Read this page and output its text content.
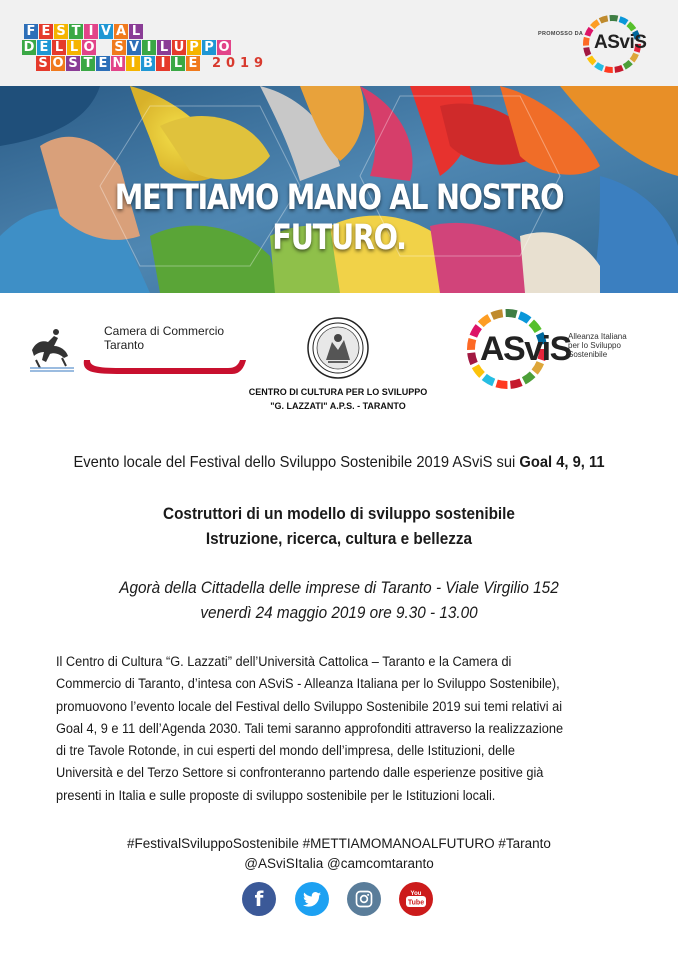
F E S T I V A L
D E L L O S V I L U P P O
S O S T E N I B I L E 2 0 1 9
PROMOSSO DA ASviS
METTIAMO MANO AL NOSTRO FUTURO.
Camera di Commercio
Taranto
CENTRO DI CULTURA PER LO SVILUPPO
"G. LAZZATI" A.P.S. - TARANTO
ASviS
Alleanza Italiana
per lo Sviluppo
Sostenibile
Evento locale del Festival dello Sviluppo Sostenibile 2019 ASviS sui Goal 4, 9, 11
Costruttori di un modello di sviluppo sostenibile
Istruzione, ricerca, cultura e bellezza
Agorà della Cittadella delle imprese di Taranto - Viale Virgilio 152
venerdì 24 maggio 2019 ore 9.30 - 13.00

Il Centro di Cultura “G. Lazzati” dell’Università Cattolica – Taranto e la Camera di

Commercio di Taranto, d’intesa con ASviS - Alleanza Italiana per lo Sviluppo Sostenibile),

promuovono l’evento locale del Festival dello Sviluppo Sostenibile 2019 sui temi relativi ai

Goal 4, 9 e 11 dell’Agenda 2030. Tali temi saranno approfonditi attraverso la realizzazione

di tre Tavole Rotonde, in cui esperti del mondo dell’impresa, delle Istituzioni, delle

Università e del Terzo Settore si confronteranno partendo dalle esperienze positive già

presenti in Italia e sulle proposte di sviluppo sostenibile per le Istituzioni locali.

#FestivalSviluppoSostenibile #METTIAMOMANOALFUTURO #Taranto
@ASviSItalia @camcomtaranto
f	You
Tube
